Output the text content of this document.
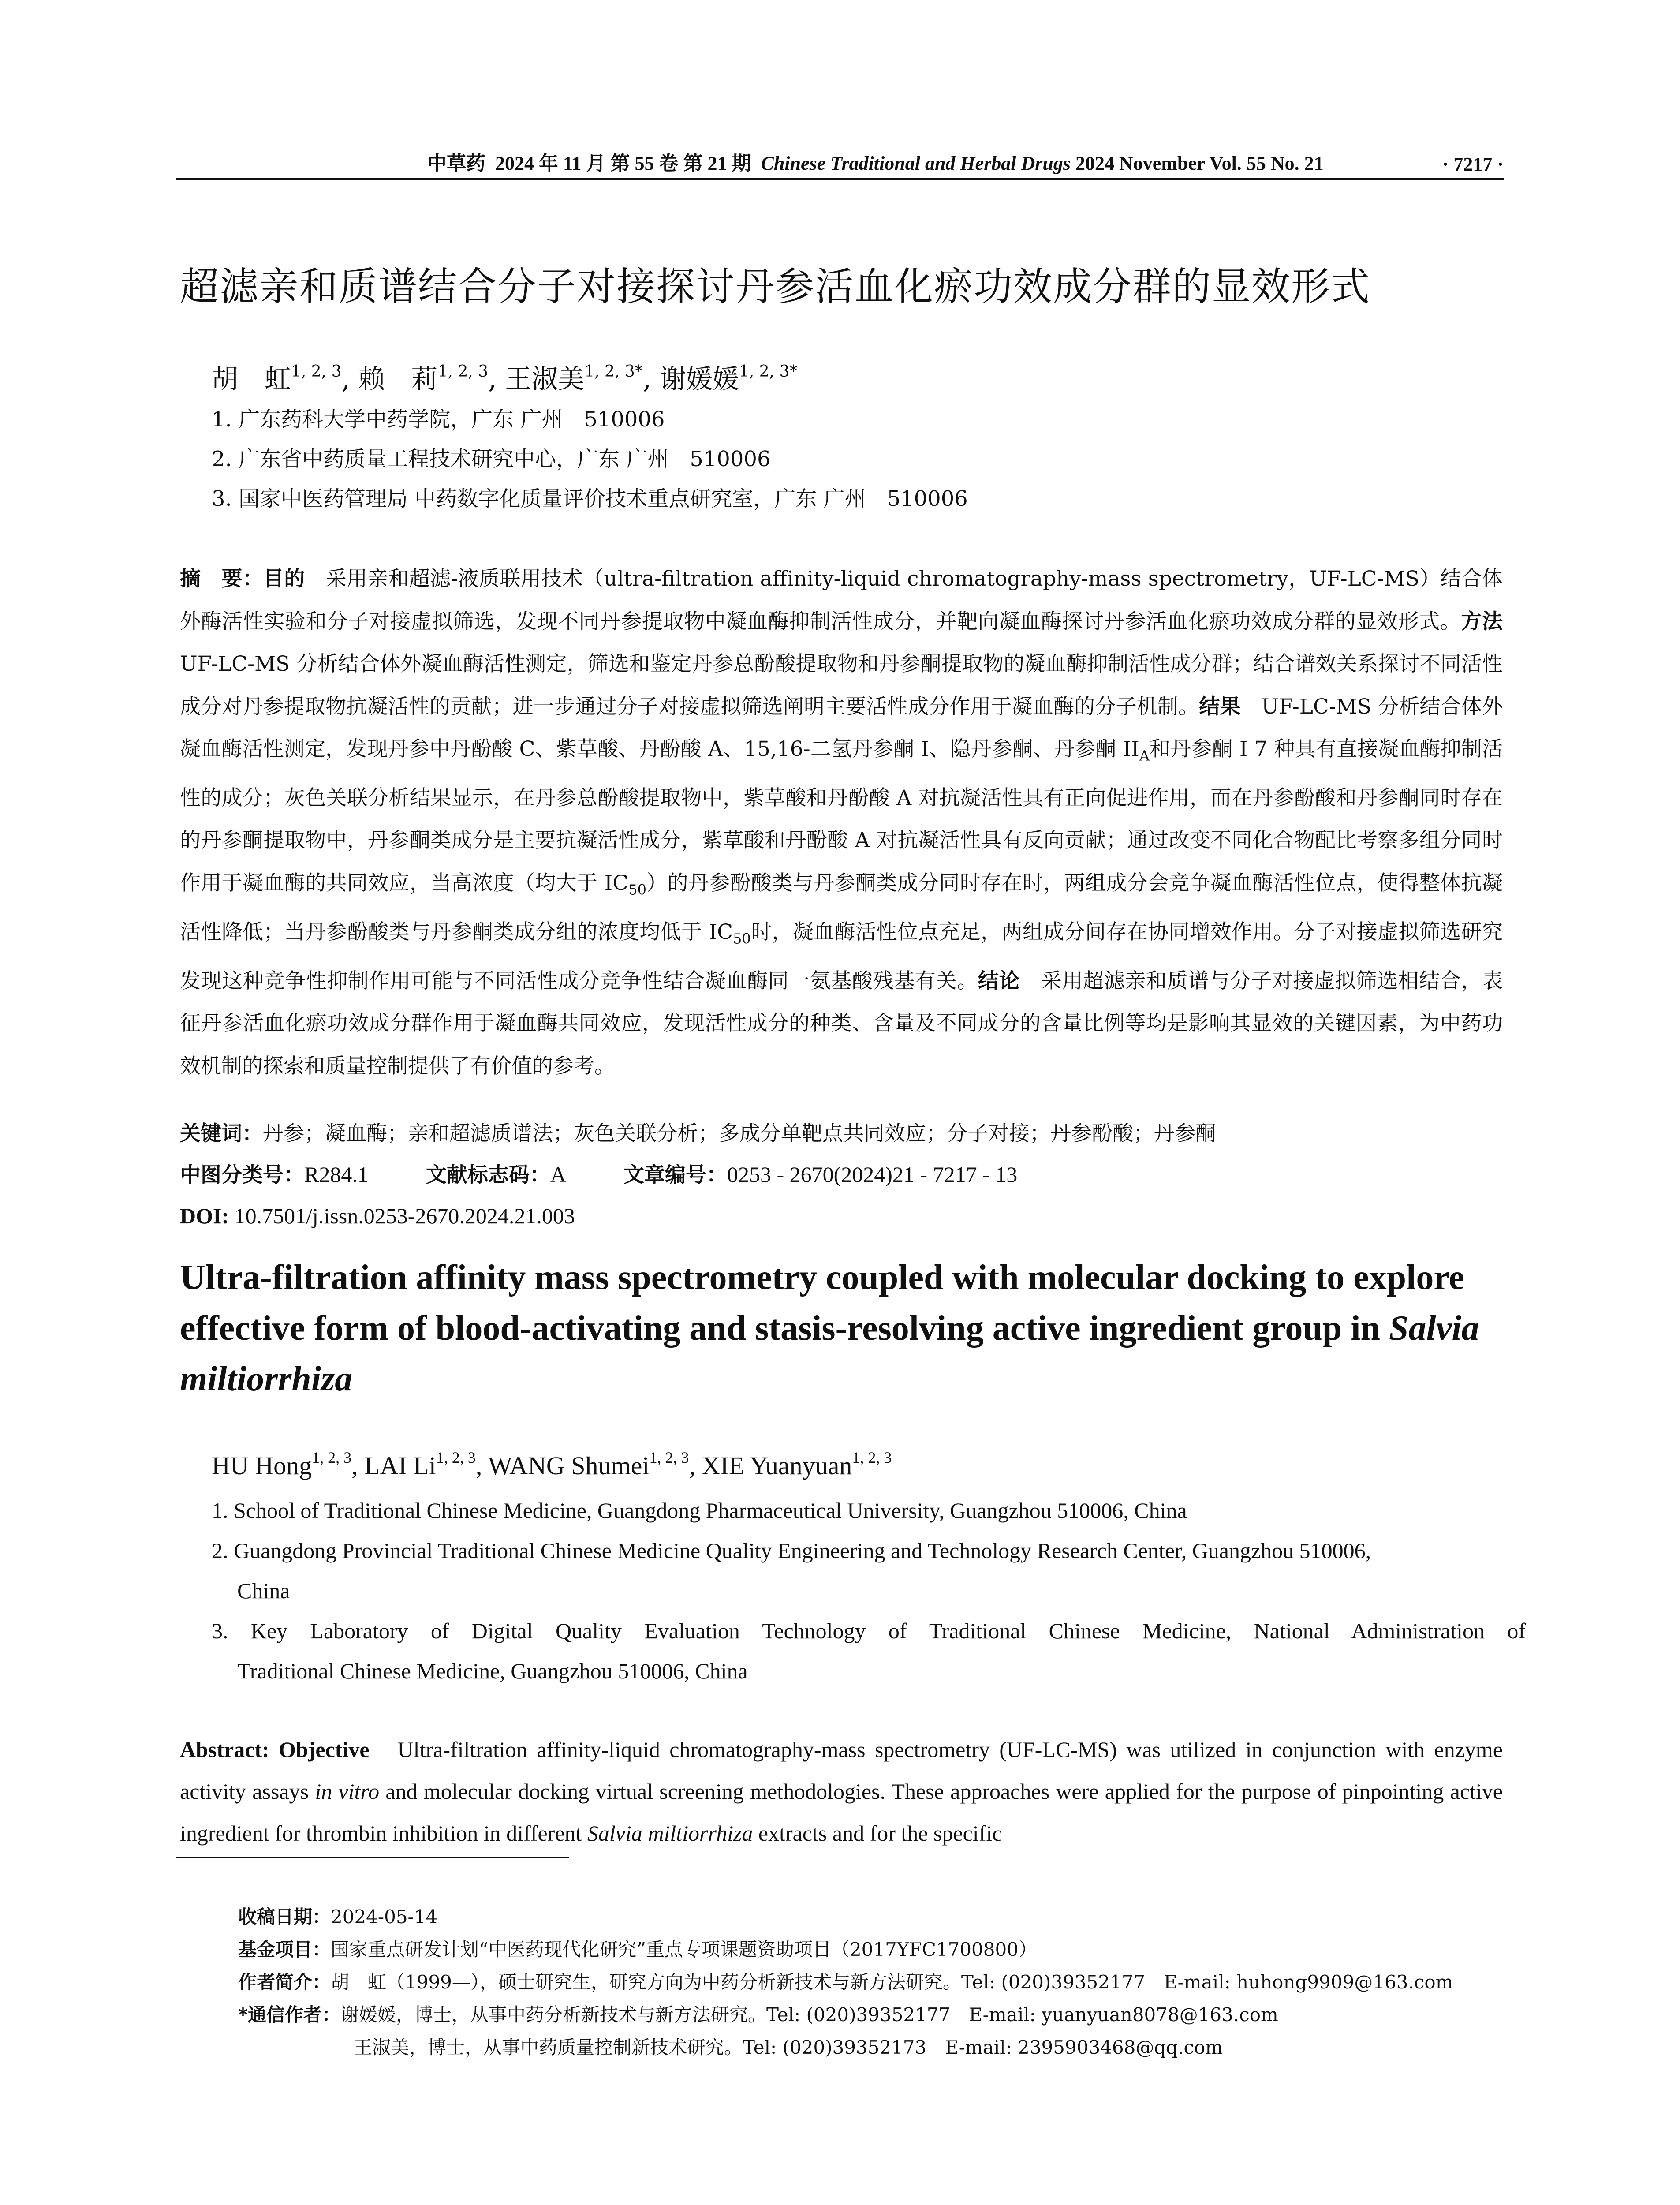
中草药 2024 年 11 月 第 55 卷 第 21 期 Chinese Traditional and Herbal Drugs 2024 November Vol. 55 No. 21	· 7217 ·
超滤亲和质谱结合分子对接探讨丹参活血化瘀功效成分群的显效形式
胡　虹$^{1, 2, 3}$, 赖　莉$^{1, 2, 3}$, 王淑美$^{1, 2, 3*}$, 谢媛媛$^{1, 2, 3*}$
1. 广东药科大学中药学院，广东 广州　510006
2. 广东省中药质量工程技术研究中心，广东 广州　510006
3. 国家中医药管理局 中药数字化质量评价技术重点研究室，广东 广州　510006
摘　要：目的　 采用亲和超滤-液质联用技术（ultra-filtration affinity-liquid chromatography-mass spectrometry，UF-LC-MS）结合体外酶活性实验和分子对接虚拟筛选，发现不同丹参提取物中凝血酶抑制活性成分，并靶向凝血酶探讨丹参活血化瘀功效成分群的显效形式。方法　UF-LC-MS 分析结合体外凝血酶活性测定，筛选和鉴定丹参总酚酸提取物和丹参酮提取物的凝血酶抑制活性成分群；结合谱效关系探讨不同活性成分对丹参提取物抗凝活性的贡献；进一步通过分子对接虚拟筛选阐明主要活性成分作用于凝血酶的分子机制。结果　 UF-LC-MS 分析结合体外凝血酶活性测定，发现丹参中丹酚酸 C、紫草酸、丹酚酸 A、15,16-二氢丹参酮 I、隐丹参酮、丹参酮 $II_A$和丹参酮 I 7 种具有直接凝血酶抑制活性的成分；灰色关联分析结果显示，在丹参总酚酸提取物中，紫草酸和丹酚酸 A 对抗凝活性具有正向促进作用，而在丹参酚酸和丹参酮同时存在的丹参酮提取物中，丹参酮类成分是主要抗凝活性成分，紫草酸和丹酚酸 A 对抗凝活性具有反向贡献；通过改变不同化合物配比考察多组分同时作用于凝血酶的共同效应，当高浓度（均大于 $IC_{50}$）的丹参酚酸类与丹参酮类成分同时存在时，两组成分会竞争凝血酶活性位点，使得整体抗凝活性降低；当丹参酚酸类与丹参酮类成分组的浓度均低于 $IC_{50}$时，凝血酶活性位点充足，两组成分间存在协同增效作用。分子对接虚拟筛选研究发现这种竞争性抑制作用可能与不同活性成分竞争性结合凝血酶同一氨基酸残基有关。结论　 采用超滤亲和质谱与分子对接虚拟筛选相结合，表征丹参活血化瘀功效成分群作用于凝血酶共同效应，发现活性成分的种类、含量及不同成分的含量比例等均是影响其显效的关键因素，为中药功效机制的探索和质量控制提供了有价值的参考。
关键词：丹参；凝血酶；亲和超滤质谱法；灰色关联分析；多成分单靶点共同效应；分子对接；丹参酚酸；丹参酮
中图分类号：R284.1	文献标志码：A	文章编号：0253 - 2670(2024)21 - 7217 - 13
DOI: 10.7501/j.issn.0253-2670.2024.21.003
Ultra-filtration affinity mass spectrometry coupled with molecular docking to explore effective form of blood-activating and stasis-resolving active ingredient group in Salvia miltiorrhiza
HU Hong$^{1, 2, 3}$, LAI Li$^{1, 2, 3}$, WANG Shumei$^{1, 2, 3}$, XIE Yuanyuan$^{1, 2, 3}$
1. School of Traditional Chinese Medicine, Guangdong Pharmaceutical University, Guangzhou 510006, China
2. Guangdong Provincial Traditional Chinese Medicine Quality Engineering and Technology Research Center, Guangzhou 510006,
China
3. Key Laboratory of Digital Quality Evaluation Technology of Traditional Chinese Medicine, National Administration of
Traditional Chinese Medicine, Guangzhou 510006, China
Abstract: Objective Ultra-filtration affinity-liquid chromatography-mass spectrometry (UF-LC-MS) was utilized in conjunction with enzyme activity assays in vitro and molecular docking virtual screening methodologies. These approaches were applied for the purpose of pinpointing active ingredient for thrombin inhibition in different Salvia miltiorrhiza extracts and for the specific
收稿日期：2024-05-14
基金项目：国家重点研发计划“中医药现代化研究”重点专项课题资助项目（2017YFC1700800）
作者简介：胡　虹（1999—），硕士研究生，研究方向为中药分析新技术与新方法研究。Tel: (020)39352177　E-mail: huhong9909@163.com
*通信作者：谢媛媛，博士，从事中药分析新技术与新方法研究。Tel: (020)39352177　E-mail: yuanyuan8078@163.com
王淑美，博士，从事中药质量控制新技术研究。Tel: (020)39352173　E-mail: 2395903468@qq.com
